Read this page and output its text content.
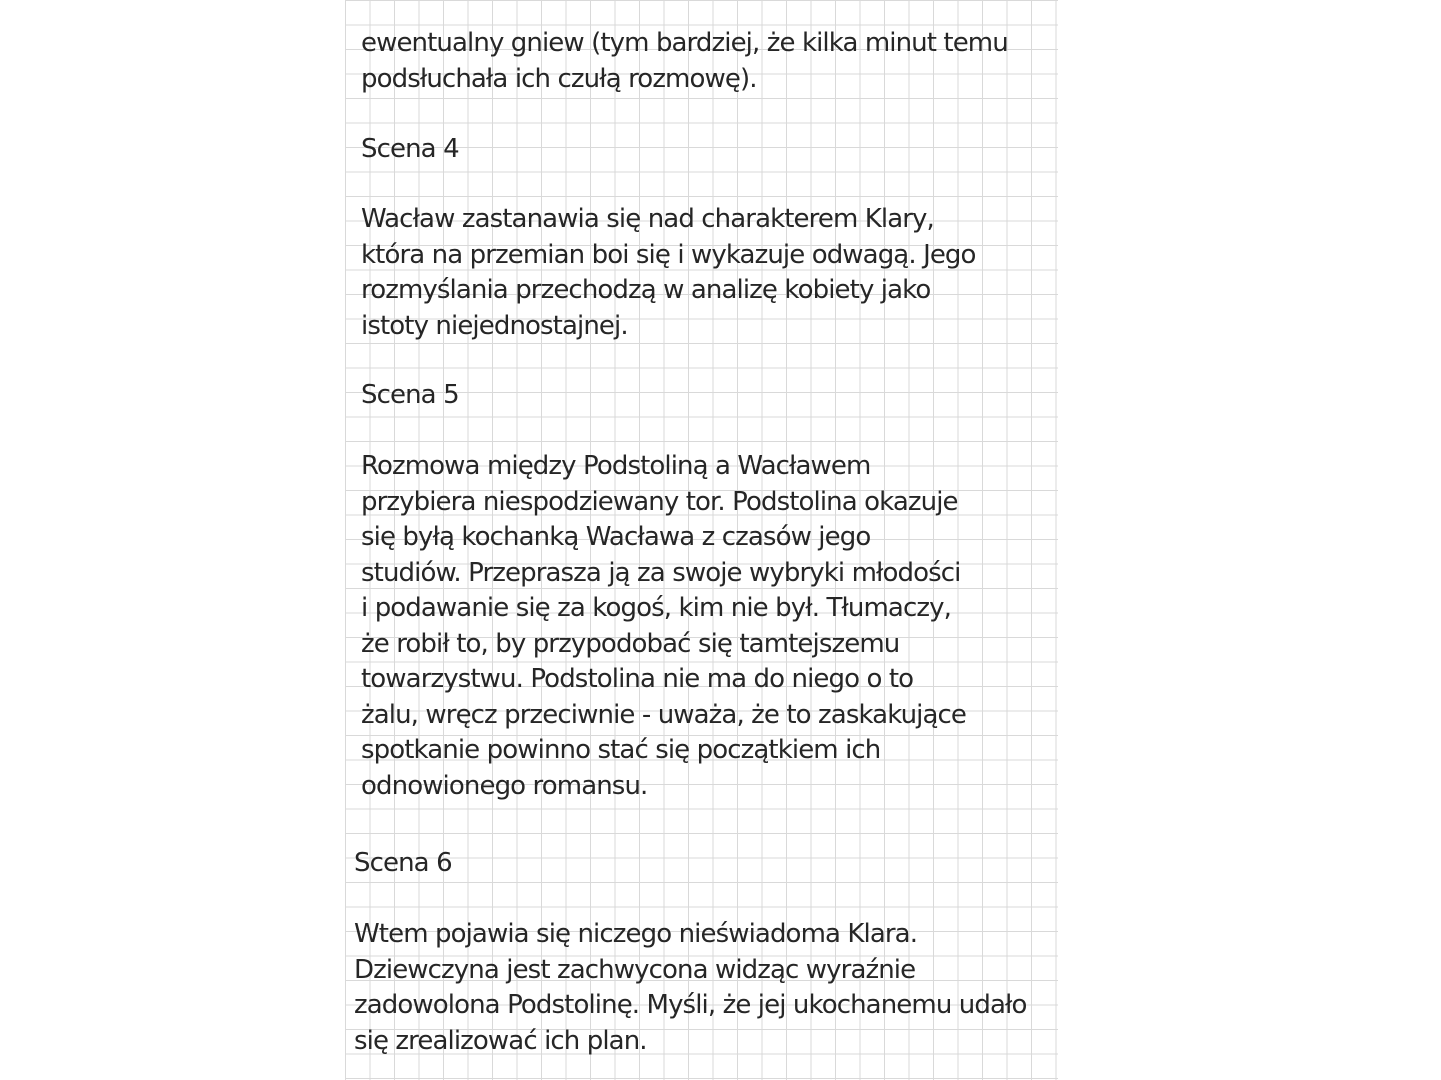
ewentualny gniew (tym bardziej, że kilka minut temu
podsłuchała ich czułą rozmowę).

Scena 4

Wacław zastanawia się nad charakterem Klary,
która na przemian boi się i wykazuje odwagą. Jego
rozmyślania przechodzą w analizę kobiety jako
istoty niejednostajnej.

Scena 5

Rozmowa między Podstoliną a Wacławem
przybiera niespodziewany tor. Podstolina okazuje
się byłą kochanką Wacława z czasów jego
studiów. Przeprasza ją za swoje wybryki młodości
i podawanie się za kogoś, kim nie był. Tłumaczy,
że robił to, by przypodobać się tamtejszemu
towarzystwu. Podstolina nie ma do niego o to
żalu, wręcz przeciwnie - uważa, że to zaskakujące
spotkanie powinno stać się początkiem ich
odnowionego romansu.

Scena 6

Wtem pojawia się niczego nieświadoma Klara.
Dziewczyna jest zachwycona widząc wyraźnie
zadowolona Podstolinę. Myśli, że jej ukochanemu udało
się zrealizować ich plan.
